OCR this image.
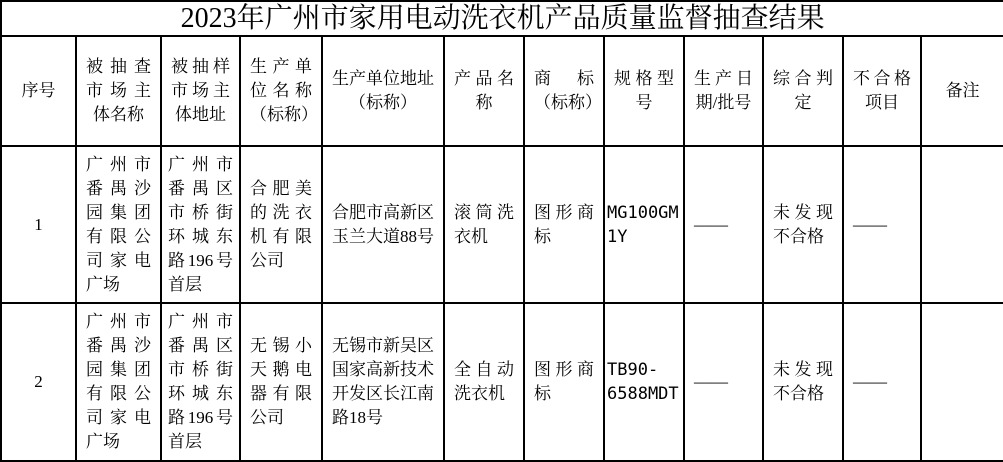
2023年广州市家用电动洗衣机产品质量监督抽查结果											
序号	被抽查市场主体名称	被抽样市场主体地址	生产单位名称（标称）	生产单位地址（标称）	产品名称	商标（标称）	规格型号	生产日期/批号	综合判定	不合格项目	备注
1	广州市番禺沙园集团有限公司家电广场	广州市番禺区市桥街环城东路196号首层	合肥美的洗衣机有限公司	合肥市高新区玉兰大道88号	滚筒洗衣机	图形商标	MG100GM1Y	——	未发现不合格	——	
2	广州市番禺沙园集团有限公司家电广场	广州市番禺区市桥街环城东路196号首层	无锡小天鹅电器有限公司	无锡市新吴区国家高新技术开发区长江南路18号	全自动洗衣机	图形商标	TB90-6588MDT	——	未发现不合格	——	
